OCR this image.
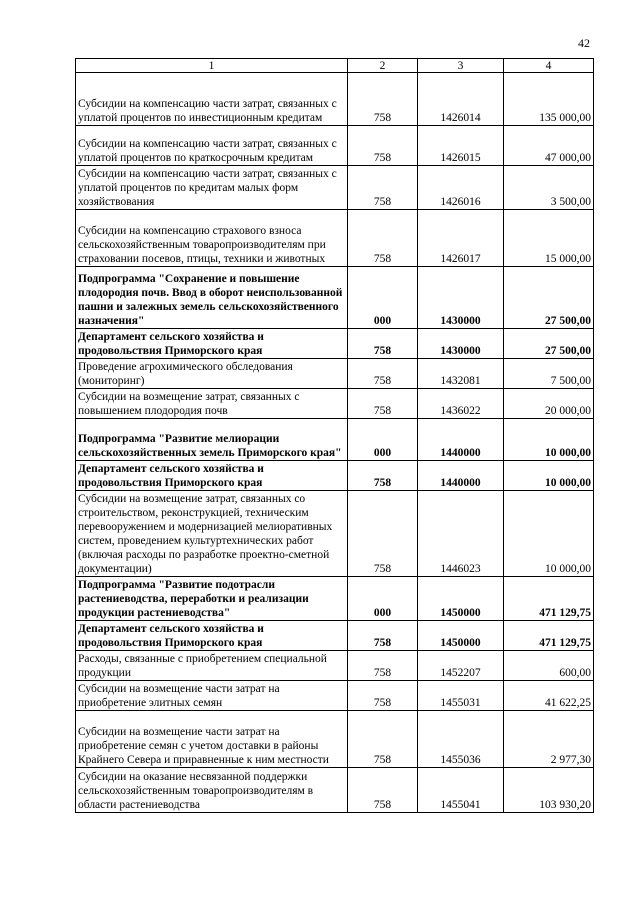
42
1	2	3	4
Субсидии на компенсацию части затрат, связанных с уплатой процентов по инвестиционным кредитам	758	1426014	135 000,00
Субсидии на компенсацию части затрат, связанных с уплатой процентов по краткосрочным кредитам	758	1426015	47 000,00
Субсидии на компенсацию части затрат, связанных с уплатой процентов по кредитам малых форм хозяйствования	758	1426016	3 500,00
Субсидии на компенсацию страхового взноса сельскохозяйственным товаропроизводителям при страховании посевов, птицы, техники и животных	758	1426017	15 000,00
Подпрограмма "Сохранение и повышение плодородия почв. Ввод в оборот неиспользованной пашни и залежных земель сельскохозяйственного назначения"	000	1430000	27 500,00
Департамент сельского хозяйства и продовольствия Приморского края	758	1430000	27 500,00
Проведение агрохимического обследования (мониторинг)	758	1432081	7 500,00
Субсидии на возмещение затрат, связанных с повышением плодородия почв	758	1436022	20 000,00
Подпрограмма "Развитие мелиорации сельскохозяйственных земель Приморского края"	000	1440000	10 000,00
Департамент сельского хозяйства и продовольствия Приморского края	758	1440000	10 000,00
Субсидии на возмещение затрат, связанных со строительством, реконструкцией, техническим перевооружением и модернизацией мелиоративных систем, проведением культуртехнических работ (включая расходы по разработке проектно-сметной документации)	758	1446023	10 000,00
Подпрограмма "Развитие подотрасли растениеводства, переработки и реализации продукции растениеводства"	000	1450000	471 129,75
Департамент сельского хозяйства и продовольствия Приморского края	758	1450000	471 129,75
Расходы, связанные с приобретением специальной продукции	758	1452207	600,00
Субсидии на возмещение части затрат на приобретение элитных семян	758	1455031	41 622,25
Субсидии на возмещение части затрат на приобретение семян с учетом доставки в районы Крайнего Севера и приравненные к ним местности	758	1455036	2 977,30
Субсидии на оказание несвязанной поддержки сельскохозяйственным товаропроизводителям в области растениеводства	758	1455041	103 930,20
